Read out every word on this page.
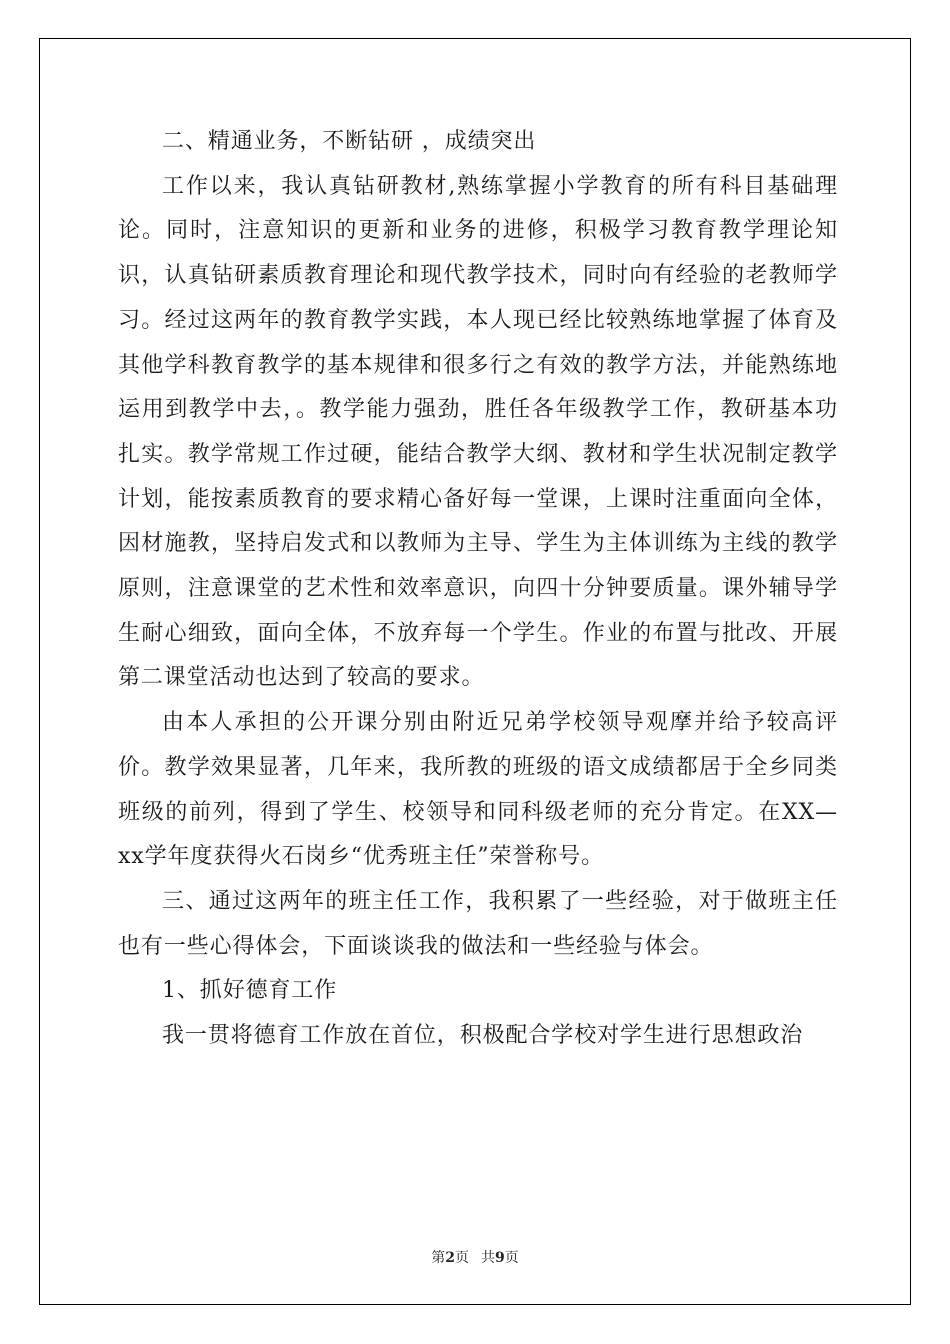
二、精通业务，不断钻研 ，成绩突出

工作以来，我认真钻研教材,熟练掌握小学教育的所有科目基础理论。同时，注意知识的更新和业务的进修，积极学习教育教学理论知识，认真钻研素质教育理论和现代教学技术，同时向有经验的老教师学习。经过这两年的教育教学实践，本人现已经比较熟练地掌握了体育及其他学科教育教学的基本规律和很多行之有效的教学方法，并能熟练地运用到教学中去，。教学能力强劲，胜任各年级教学工作，教研基本功扎实。教学常规工作过硬，能结合教学大纲、教材和学生状况制定教学计划，能按素质教育的要求精心备好每一堂课，上课时注重面向全体，因材施教，坚持启发式和以教师为主导、学生为主体训练为主线的教学原则，注意课堂的艺术性和效率意识，向四十分钟要质量。课外辅导学生耐心细致，面向全体，不放弃每一个学生。作业的布置与批改、开展第二课堂活动也达到了较高的要求。

由本人承担的公开课分别由附近兄弟学校领导观摩并给予较高评价。教学效果显著，几年来，我所教的班级的语文成绩都居于全乡同类班级的前列，得到了学生、校领导和同科级老师的充分肯定。在XX—xx学年度获得火石岗乡“优秀班主任”荣誉称号。

三、通过这两年的班主任工作，我积累了一些经验，对于做班主任也有一些心得体会，下面谈谈我的做法和一些经验与体会。

1、抓好德育工作

我一贯将德育工作放在首位，积极配合学校对学生进行思想政治

第2页 共9页
